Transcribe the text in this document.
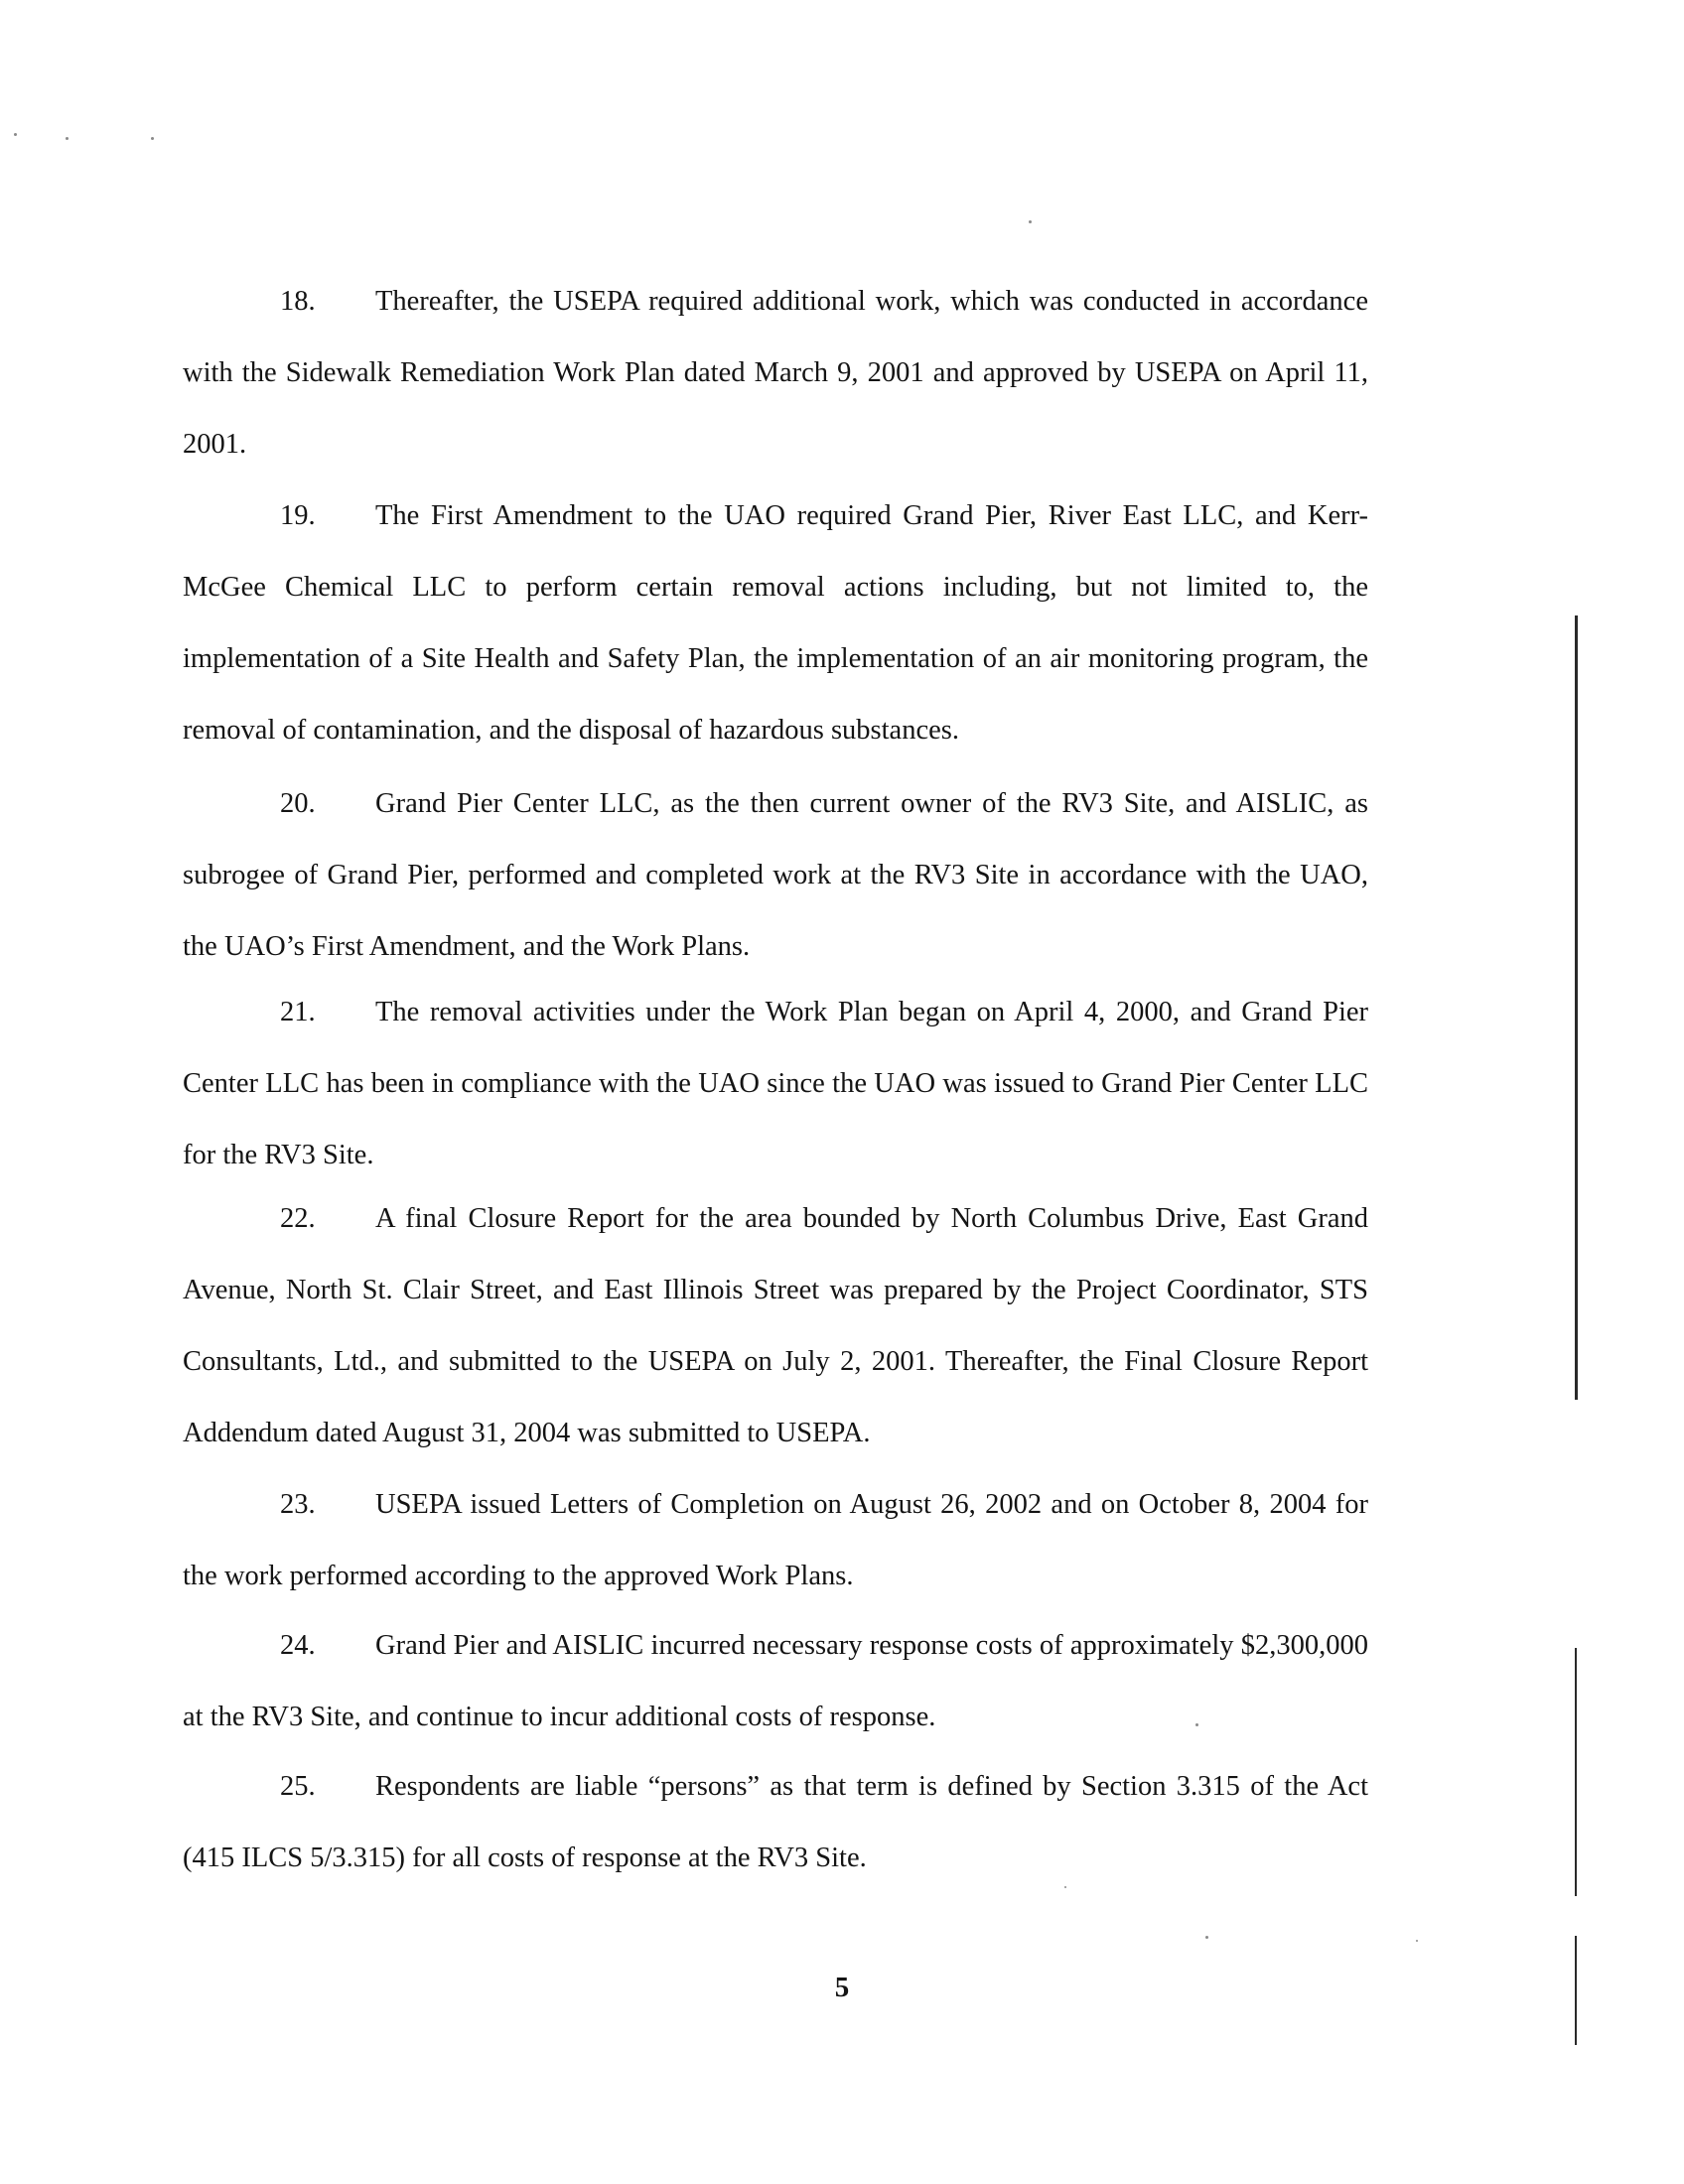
18. Thereafter, the USEPA required additional work, which was conducted in accordance with the Sidewalk Remediation Work Plan dated March 9, 2001 and approved by USEPA on April 11, 2001.

19. The First Amendment to the UAO required Grand Pier, River East LLC, and Kerr-McGee Chemical LLC to perform certain removal actions including, but not limited to, the implementation of a Site Health and Safety Plan, the implementation of an air monitoring program, the removal of contamination, and the disposal of hazardous substances.

20. Grand Pier Center LLC, as the then current owner of the RV3 Site, and AISLIC, as subrogee of Grand Pier, performed and completed work at the RV3 Site in accordance with the UAO, the UAO’s First Amendment, and the Work Plans.

21. The removal activities under the Work Plan began on April 4, 2000, and Grand Pier Center LLC has been in compliance with the UAO since the UAO was issued to Grand Pier Center LLC for the RV3 Site.

22. A final Closure Report for the area bounded by North Columbus Drive, East Grand Avenue, North St. Clair Street, and East Illinois Street was prepared by the Project Coordinator, STS Consultants, Ltd., and submitted to the USEPA on July 2, 2001. Thereafter, the Final Closure Report Addendum dated August 31, 2004 was submitted to USEPA.

23. USEPA issued Letters of Completion on August 26, 2002 and on October 8, 2004 for the work performed according to the approved Work Plans.

24. Grand Pier and AISLIC incurred necessary response costs of approximately $2,300,000 at the RV3 Site, and continue to incur additional costs of response.

25. Respondents are liable “persons” as that term is defined by Section 3.315 of the Act (415 ILCS 5/3.315) for all costs of response at the RV3 Site.

5
